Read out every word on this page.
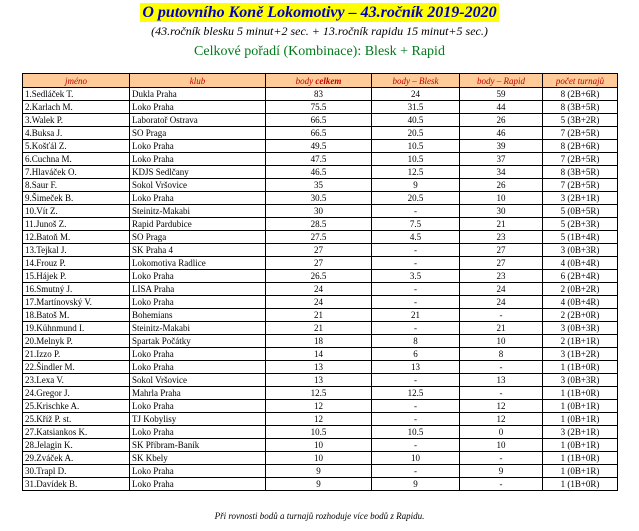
O putovního Koně Lokomotivy – 43.ročník 2019-2020
(43.ročník blesku 5 minut+2 sec. + 13.ročník rapidu 15 minut+5 sec.)
Celkové pořadí (Kombinace): Blesk + Rapid
jméno	klub	body celkem	body – Blesk	body – Rapid	počet turnajů
1.Sedláček T.	Dukla Praha	83	24	59	8 (2B+6R)
2.Karlach M.	Loko Praha	75.5	31.5	44	8 (3B+5R)
3.Walek P.	Laboratoř Ostrava	66.5	40.5	26	5 (3B+2R)
4.Buksa J.	SO Praga	66.5	20.5	46	7 (2B+5R)
5.Košťál Z.	Loko Praha	49.5	10.5	39	8 (2B+6R)
6.Cuchna M.	Loko Praha	47.5	10.5	37	7 (2B+5R)
7.Hlaváček O.	KDJS Sedlčany	46.5	12.5	34	8 (3B+5R)
8.Saur F.	Sokol Vršovice	35	9	26	7 (2B+5R)
9.Šimeček B.	Loko Praha	30.5	20.5	10	3 (2B+1R)
10.Vít Z.	Steinitz-Makabi	30	-	30	5 (0B+5R)
11.Junoš Z.	Rapid Pardubice	28.5	7.5	21	5 (2B+3R)
12.Batoň M.	SO Praga	27.5	4.5	23	5 (1B+4R)
13.Tejkal J.	SK Praha 4	27	-	27	3 (0B+3R)
14.Frouz P.	Lokomotiva Radlice	27	-	27	4 (0B+4R)
15.Hájek P.	Loko Praha	26.5	3.5	23	6 (2B+4R)
16.Smutný J.	LISA Praha	24	-	24	2 (0B+2R)
17.Martínovský V.	Loko Praha	24	-	24	4 (0B+4R)
18.Batoš M.	Bohemians	21	21	-	2 (2B+0R)
19.Kühnmund I.	Steinitz-Makabi	21	-	21	3 (0B+3R)
20.Melnyk P.	Spartak Počátky	18	8	10	2 (1B+1R)
21.Izzo P.	Loko Praha	14	6	8	3 (1B+2R)
22.Šindler M.	Loko Praha	13	13	-	1 (1B+0R)
23.Lexa V.	Sokol Vršovice	13	-	13	3 (0B+3R)
24.Gregor J.	Mahrla Praha	12.5	12.5	-	1 (1B+0R)
25.Krischke A.	Loko Praha	12	-	12	1 (0B+1R)
25.Kříž P. st.	TJ Kobylisy	12	-	12	1 (0B+1R)
27.Katsiankos K.	Loko Praha	10.5	10.5	0	3 (2B+1R)
28.Jelagin K.	SK Příbram-Baník	10	-	10	1 (0B+1R)
29.Zváček A.	SK Kbely	10	10	-	1 (1B+0R)
30.Trapl D.	Loko Praha	9	-	9	1 (0B+1R)
31.Davídek B.	Loko Praha	9	9	-	1 (1B+0R)
Při rovnosti bodů a turnajů rozhoduje více bodů z Rapidu.
